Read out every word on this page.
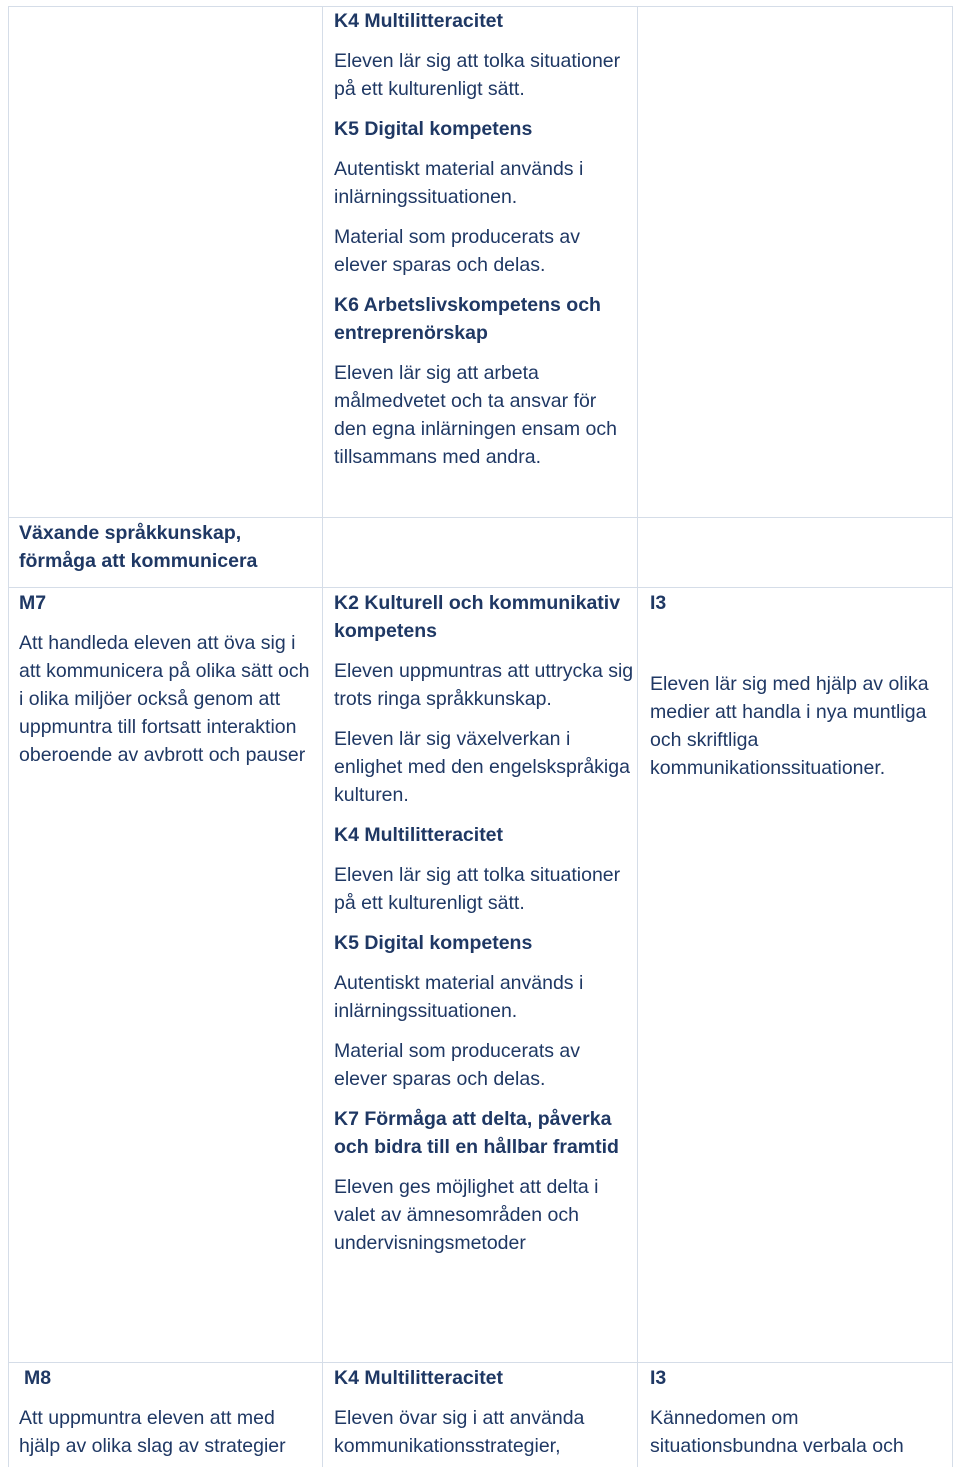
K4 Multilitteracitet

Eleven lär sig att tolka situationer på ett kulturenligt sätt.

K5 Digital kompetens

Autentiskt material används i inlärningssituationen.

Material som producerats av elever sparas och delas.

K6 Arbetslivskompetens och entreprenörskap

Eleven lär sig att arbeta målmedvetet och ta ansvar för den egna inlärningen ensam och tillsammans med andra.

Växande språkkunskap, förmåga att kommunicera

M7

Att handleda eleven att öva sig i att kommunicera på olika sätt och i olika miljöer också genom att uppmuntra till fortsatt interaktion oberoende av avbrott och pauser

K2 Kulturell och kommunikativ kompetens

Eleven uppmuntras att uttrycka sig trots ringa språkkunskap.

Eleven lär sig växelverkan i enlighet med den engelskspråkiga kulturen.

K4 Multilitteracitet

Eleven lär sig att tolka situationer på ett kulturenligt sätt.

K5 Digital kompetens

Autentiskt material används i inlärningssituationen.

Material som producerats av elever sparas och delas.

K7 Förmåga att delta, påverka och bidra till en hållbar framtid

Eleven ges möjlighet att delta i valet av ämnesområden och undervisningsmetoder

I3

Eleven lär sig med hjälp av olika medier att handla i nya muntliga och skriftliga kommunikationssituationer.

M8

Att uppmuntra eleven att med hjälp av olika slag av strategier

K4 Multilitteracitet

Eleven övar sig i att använda kommunikationsstrategier,

I3

Kännedomen om situationsbundna verbala och
